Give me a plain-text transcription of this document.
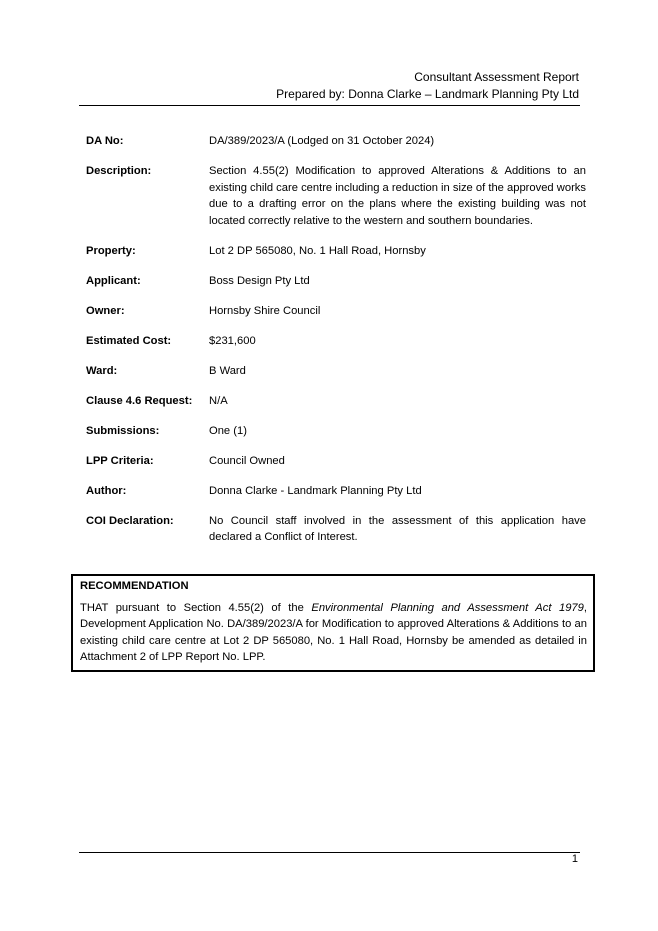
Consultant Assessment Report
Prepared by: Donna Clarke – Landmark Planning Pty Ltd
DA No:	DA/389/2023/A (Lodged on 31 October 2024)
Description:	Section 4.55(2) Modification to approved Alterations & Additions to an existing child care centre including a reduction in size of the approved works due to a drafting error on the plans where the existing building was not located correctly relative to the western and southern boundaries.
Property:	Lot 2 DP 565080, No. 1 Hall Road, Hornsby
Applicant:	Boss Design Pty Ltd
Owner:	Hornsby Shire Council
Estimated Cost:	$231,600
Ward:	B Ward
Clause 4.6 Request:	N/A
Submissions:	One (1)
LPP Criteria:	Council Owned
Author:	Donna Clarke - Landmark Planning Pty Ltd
COI Declaration:	No Council staff involved in the assessment of this application have declared a Conflict of Interest.
RECOMMENDATION
THAT pursuant to Section 4.55(2) of the Environmental Planning and Assessment Act 1979, Development Application No. DA/389/2023/A for Modification to approved Alterations & Additions to an existing child care centre at Lot 2 DP 565080, No. 1 Hall Road, Hornsby be amended as detailed in Attachment 2 of LPP Report No. LPP.
1
